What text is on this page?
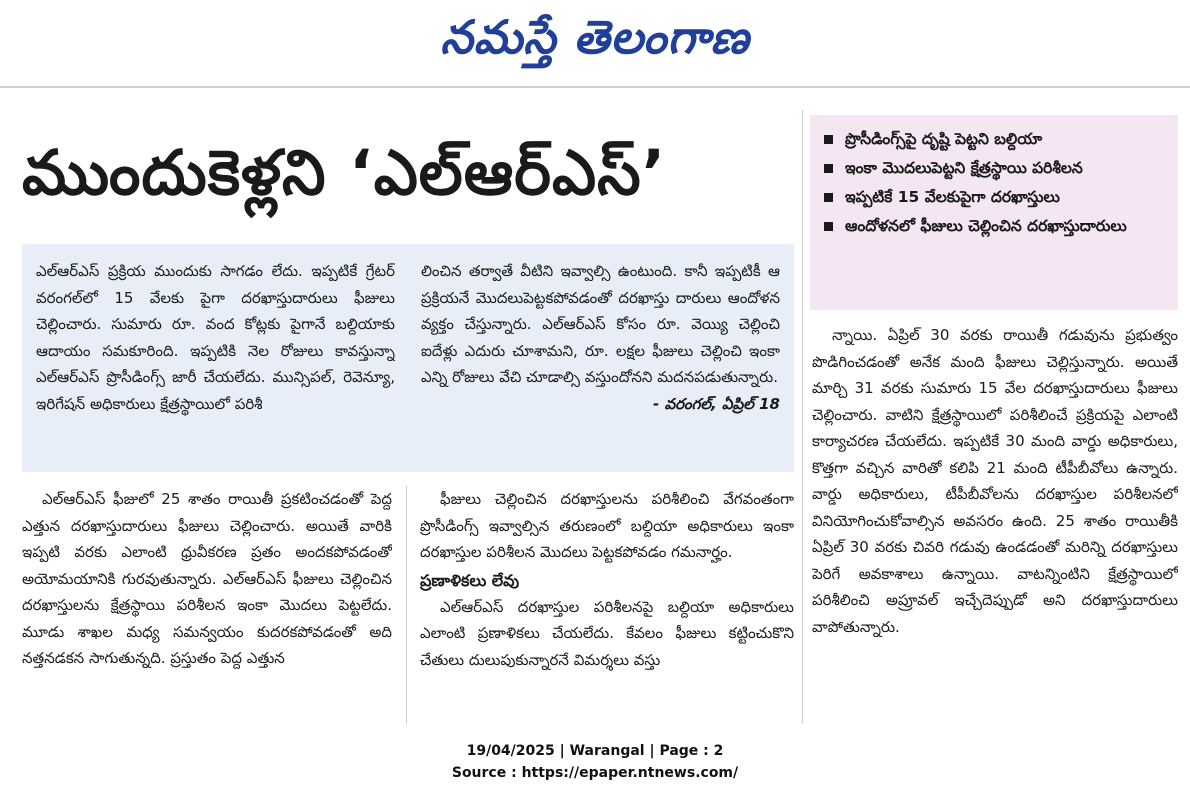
నమస్తే తెలంగాణ
ముందుకెళ్లని ‘ఎల్‌ఆర్‌ఎస్’	ప్రొసీడింగ్స్‌పై దృష్టి పెట్టని బల్దియా
ఇంకా మొదలుపెట్టని క్షేత్రస్థాయి పరిశీలన
ఇప్పటికే 15 వేలకుపైగా దరఖాస్తులు
ఆందోళనలో ఫీజులు చెల్లించిన దరఖాస్తుదారులు
ఎల్‌ఆర్‌ఎస్ ప్రక్రియ ముందుకు సాగడం లేదు. ఇప్పటికే గ్రేటర్ వరంగల్‌లో 15 వేలకు పైగా దరఖాస్తుదారులు ఫీజులు చెల్లించారు. సుమారు రూ. వంద కోట్లకు పైగానే బల్దియాకు ఆదాయం సమకూరింది. ఇప్పటికి నెల రోజులు కావస్తున్నా ఎల్‌ఆర్‌ఎస్ ప్రొసీడింగ్స్ జారీ చేయలేదు. మున్సిపల్, రెవెన్యూ, ఇరిగేషన్ అధికారులు క్షేత్రస్థాయిలో పరిశీ
లించిన తర్వాతే వీటిని ఇవ్వాల్సి ఉంటుంది. కానీ ఇప్పటికీ ఆ ప్రక్రియనే మొదలుపెట్టకపోవడంతో దరఖాస్తు దారులు ఆందోళన వ్యక్తం చేస్తున్నారు. ఎల్‌ఆర్‌ఎస్ కోసం రూ. వెయ్యి చెల్లించి ఐదేళ్లు ఎదురు చూశామని, రూ. లక్షల ఫీజులు చెల్లించి ఇంకా ఎన్ని రోజులు వేచి చూడాల్సి వస్తుందోనని మదనపడుతున్నారు.
- వరంగల్, ఏప్రిల్ 18

ఎల్‌ఆర్‌ఎస్ ఫీజులో 25 శాతం రాయితీ ప్రకటించడంతో పెద్ద ఎత్తున దరఖాస్తుదారులు ఫీజులు చెల్లించారు. అయితే వారికి ఇప్పటి వరకు ఎలాంటి ధ్రువీకరణ ప్రతం అందకపోవడంతో అయోమయానికి గురవుతున్నారు. ఎల్‌ఆర్‌ఎస్ ఫీజులు చెల్లించిన దరఖాస్తులను క్షేత్రస్థాయి పరిశీలన ఇంకా మొదలు పెట్టలేదు. మూడు శాఖల మధ్య సమన్వయం కుదరకపోవడంతో అది నత్తనడకన సాగుతున్నది. ప్రస్తుతం పెద్ద ఎత్తున

ఫీజులు చెల్లించిన దరఖాస్తులను పరిశీలించి వేగవంతంగా ప్రొసీడింగ్స్ ఇవ్వాల్సిన తరుణంలో బల్దియా అధికారులు ఇంకా దరఖాస్తుల పరిశీలన మొదలు పెట్టకపోవడం గమనార్హం.

ప్రణాళికలు లేవు

ఎల్‌ఆర్‌ఎస్ దరఖాస్తుల పరిశీలనపై బల్దియా అధికారులు ఎలాంటి ప్రణాళికలు చేయలేదు. కేవలం ఫీజులు కట్టించుకొని చేతులు దులుపుకున్నారనే విమర్శలు వస్తు

న్నాయి. ఏప్రిల్ 30 వరకు రాయితీ గడువును ప్రభుత్వం పొడిగించడంతో అనేక మంది ఫీజులు చెల్లిస్తున్నారు. అయితే మార్చి 31 వరకు సుమారు 15 వేల దరఖాస్తుదారులు ఫీజులు చెల్లించారు. వాటిని క్షేత్రస్థాయిలో పరిశీలించే ప్రక్రియపై ఎలాంటి కార్యాచరణ చేయలేదు. ఇప్పటికే 30 మంది వార్డు అధికారులు, కొత్తగా వచ్చిన వారితో కలిపి 21 మంది టీపీబీవోలు ఉన్నారు. వార్డు అధికారులు, టీపీబీవోలను దరఖాస్తుల పరిశీలనలో వినియోగించుకోవాల్సిన అవసరం ఉంది. 25 శాతం రాయితీకి ఏప్రిల్ 30 వరకు చివరి గడువు ఉండడంతో మరిన్ని దరఖాస్తులు పెరిగే అవకాశాలు ఉన్నాయి. వాటన్నింటిని క్షేత్రస్థాయిలో పరిశీలించి అప్రూవల్ ఇచ్చేదెప్పుడో అని దరఖాస్తుదారులు వాపోతున్నారు.

19/04/2025 | Warangal | Page : 2
Source : https://epaper.ntnews.com/
